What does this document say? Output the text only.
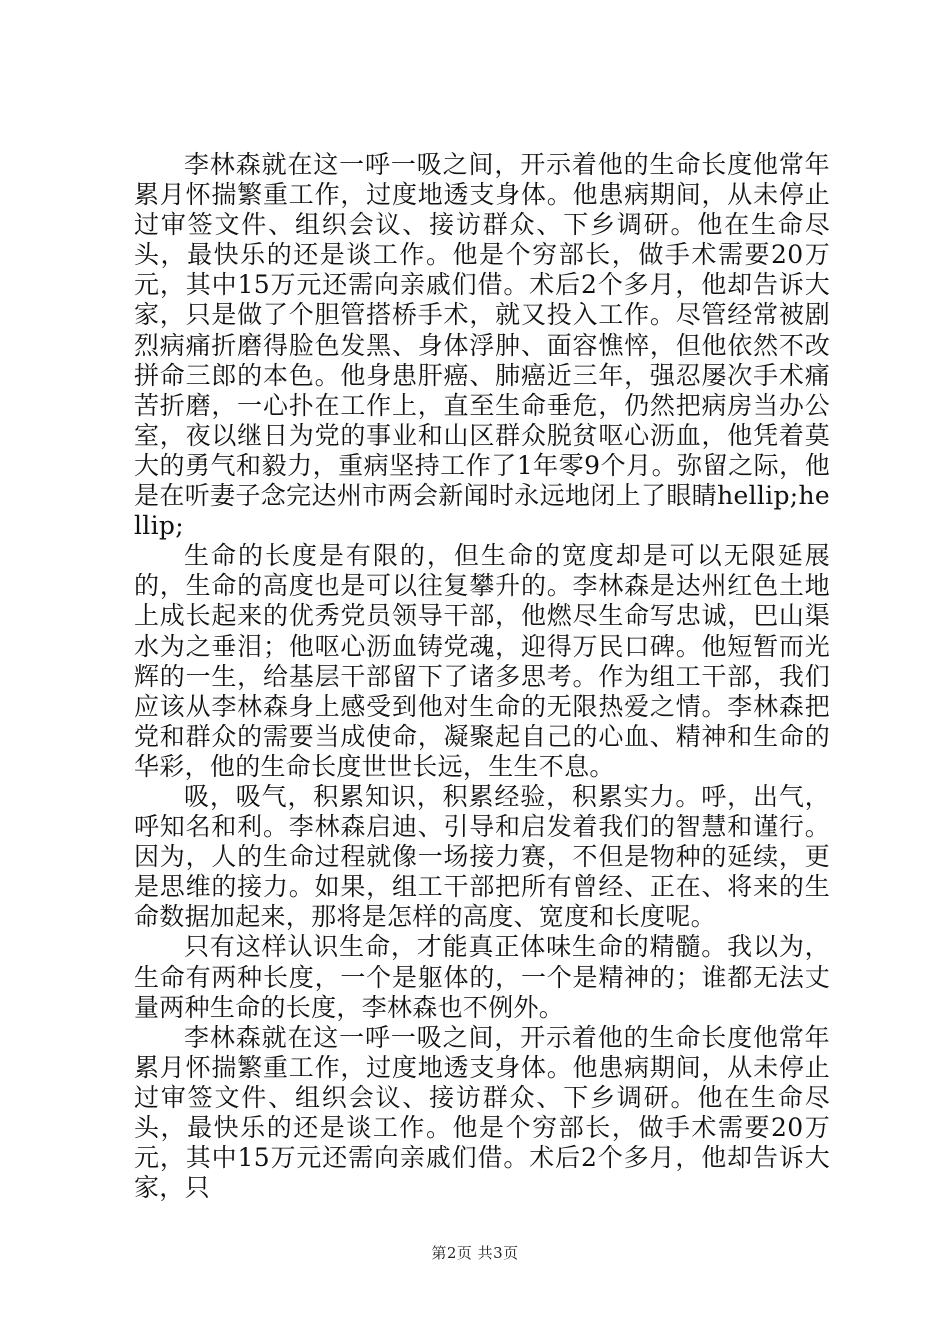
李林森就在这一呼一吸之间，开示着他的生命长度他常年累月怀揣繁重工作，过度地透支身体。他患病期间，从未停止过审签文件、组织会议、接访群众、下乡调研。他在生命尽头，最快乐的还是谈工作。他是个穷部长，做手术需要20万元，其中15万元还需向亲戚们借。术后2个多月，他却告诉大家，只是做了个胆管搭桥手术，就又投入工作。尽管经常被剧烈病痛折磨得脸色发黑、身体浮肿、面容憔悴，但他依然不改拼命三郎的本色。他身患肝癌、肺癌近三年，强忍屡次手术痛苦折磨，一心扑在工作上，直至生命垂危，仍然把病房当办公室，夜以继日为党的事业和山区群众脱贫呕心沥血，他凭着莫大的勇气和毅力，重病坚持工作了1年零9个月。弥留之际，他是在听妻子念完达州市两会新闻时永远地闭上了眼睛hellip;hellip;

生命的长度是有限的，但生命的宽度却是可以无限延展的，生命的高度也是可以往复攀升的。李林森是达州红色土地上成长起来的优秀党员领导干部，他燃尽生命写忠诚，巴山渠水为之垂泪；他呕心沥血铸党魂，迎得万民口碑。他短暂而光辉的一生，给基层干部留下了诸多思考。作为组工干部，我们应该从李林森身上感受到他对生命的无限热爱之情。李林森把党和群众的需要当成使命，凝聚起自己的心血、精神和生命的华彩，他的生命长度世世长远，生生不息。

吸，吸气，积累知识，积累经验，积累实力。呼，出气，呼知名和利。李林森启迪、引导和启发着我们的智慧和谨行。因为，人的生命过程就像一场接力赛，不但是物种的延续，更是思维的接力。如果，组工干部把所有曾经、正在、将来的生命数据加起来，那将是怎样的高度、宽度和长度呢。

只有这样认识生命，才能真正体味生命的精髓。我以为，生命有两种长度，一个是躯体的，一个是精神的；谁都无法丈量两种生命的长度，李林森也不例外。

李林森就在这一呼一吸之间，开示着他的生命长度他常年累月怀揣繁重工作，过度地透支身体。他患病期间，从未停止过审签文件、组织会议、接访群众、下乡调研。他在生命尽头，最快乐的还是谈工作。他是个穷部长，做手术需要20万元，其中15万元还需向亲戚们借。术后2个多月，他却告诉大家，只

第2页 共3页
